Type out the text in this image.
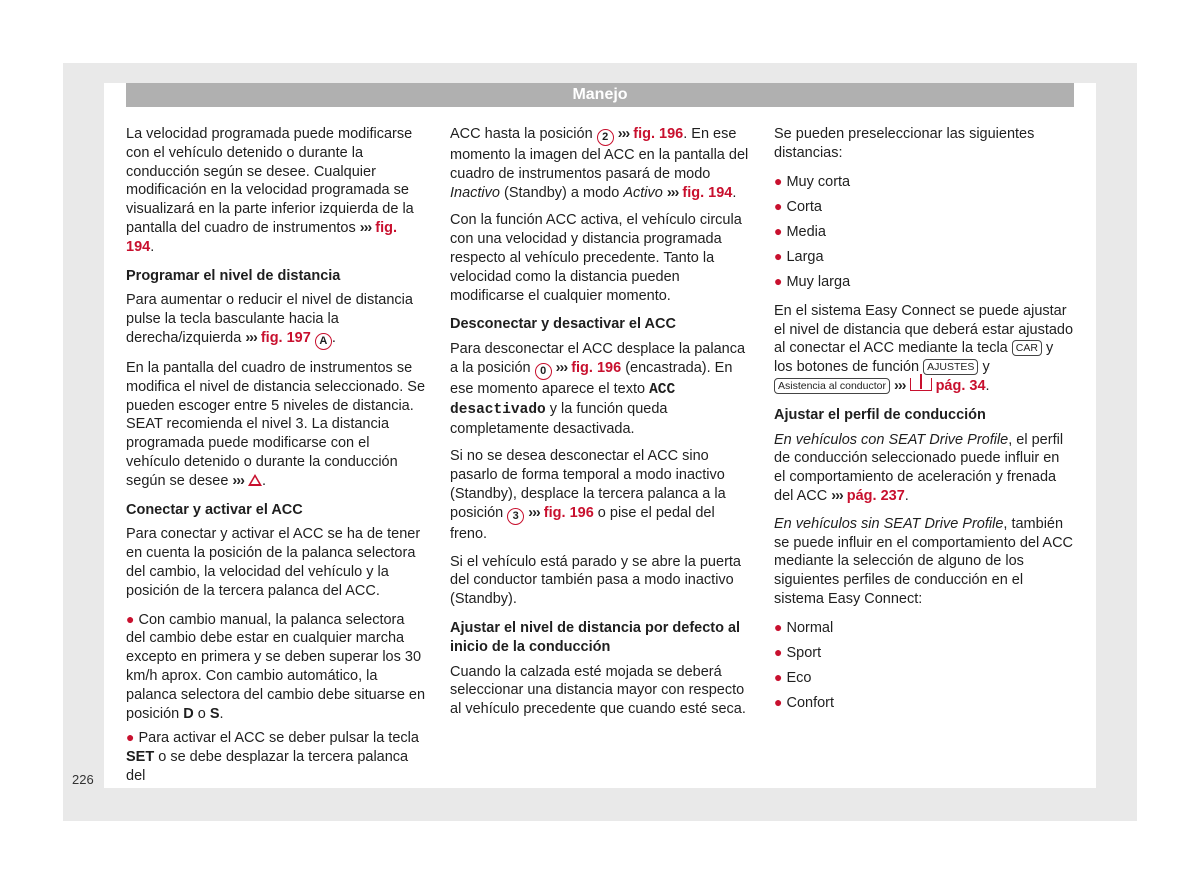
Manejo

La velocidad programada puede modificarse con el vehículo detenido o durante la conducción según se desee. Cualquier modificación en la velocidad programada se visualizará en la parte inferior izquierda de la pantalla del cuadro de instrumentos ››› fig. 194.

Programar el nivel de distancia

Para aumentar o reducir el nivel de distancia pulse la tecla basculante hacia la derecha/izquierda ››› fig. 197 A .

En la pantalla del cuadro de instrumentos se modifica el nivel de distancia seleccionado. Se pueden escoger entre 5 niveles de distancia. SEAT recomienda el nivel 3. La distancia programada puede modificarse con el vehículo detenido o durante la conducción según se desee ››› .

Conectar y activar el ACC

Para conectar y activar el ACC se ha de tener en cuenta la posición de la palanca selectora del cambio, la velocidad del vehículo y la posición de la tercera palanca del ACC.

● Con cambio manual, la palanca selectora del cambio debe estar en cualquier marcha excepto en primera y se deben superar los 30 km/h aprox. Con cambio automático, la palanca selectora del cambio debe situarse en posición D o S.

● Para activar el ACC se deber pulsar la tecla SET o se debe desplazar la tercera palanca del

ACC hasta la posición 2 ››› fig. 196. En ese momento la imagen del ACC en la pantalla del cuadro de instrumentos pasará de modo Inactivo (Standby) a modo Activo ››› fig. 194.

Con la función ACC activa, el vehículo circula con una velocidad y distancia programada respecto al vehículo precedente. Tanto la velocidad como la distancia pueden modificarse el cualquier momento.

Desconectar y desactivar el ACC

Para desconectar el ACC desplace la palanca a la posición 0 ››› fig. 196 (encastrada). En ese momento aparece el texto ACC desactivado y la función queda completamente desactivada.

Si no se desea desconectar el ACC sino pasarlo de forma temporal a modo inactivo (Standby), desplace la tercera palanca a la posición 3 ››› fig. 196 o pise el pedal del freno.

Si el vehículo está parado y se abre la puerta del conductor también pasa a modo inactivo (Standby).

Ajustar el nivel de distancia por defecto al inicio de la conducción

Cuando la calzada esté mojada se deberá seleccionar una distancia mayor con respecto al vehículo precedente que cuando esté seca.

Se pueden preseleccionar las siguientes distancias:

● Muy corta
● Corta
● Media
● Larga
● Muy larga

En el sistema Easy Connect se puede ajustar el nivel de distancia que deberá estar ajustado al conectar el ACC mediante la tecla CAR y los botones de función AJUSTES y Asistencia al conductor ››› pág. 34.

Ajustar el perfil de conducción

En vehículos con SEAT Drive Profile, el perfil de conducción seleccionado puede influir en el comportamiento de aceleración y frenada del ACC ››› pág. 237.

En vehículos sin SEAT Drive Profile, también se puede influir en el comportamiento del ACC mediante la selección de alguno de los siguientes perfiles de conducción en el sistema Easy Connect:

● Normal
● Sport
● Eco
● Confort
226
